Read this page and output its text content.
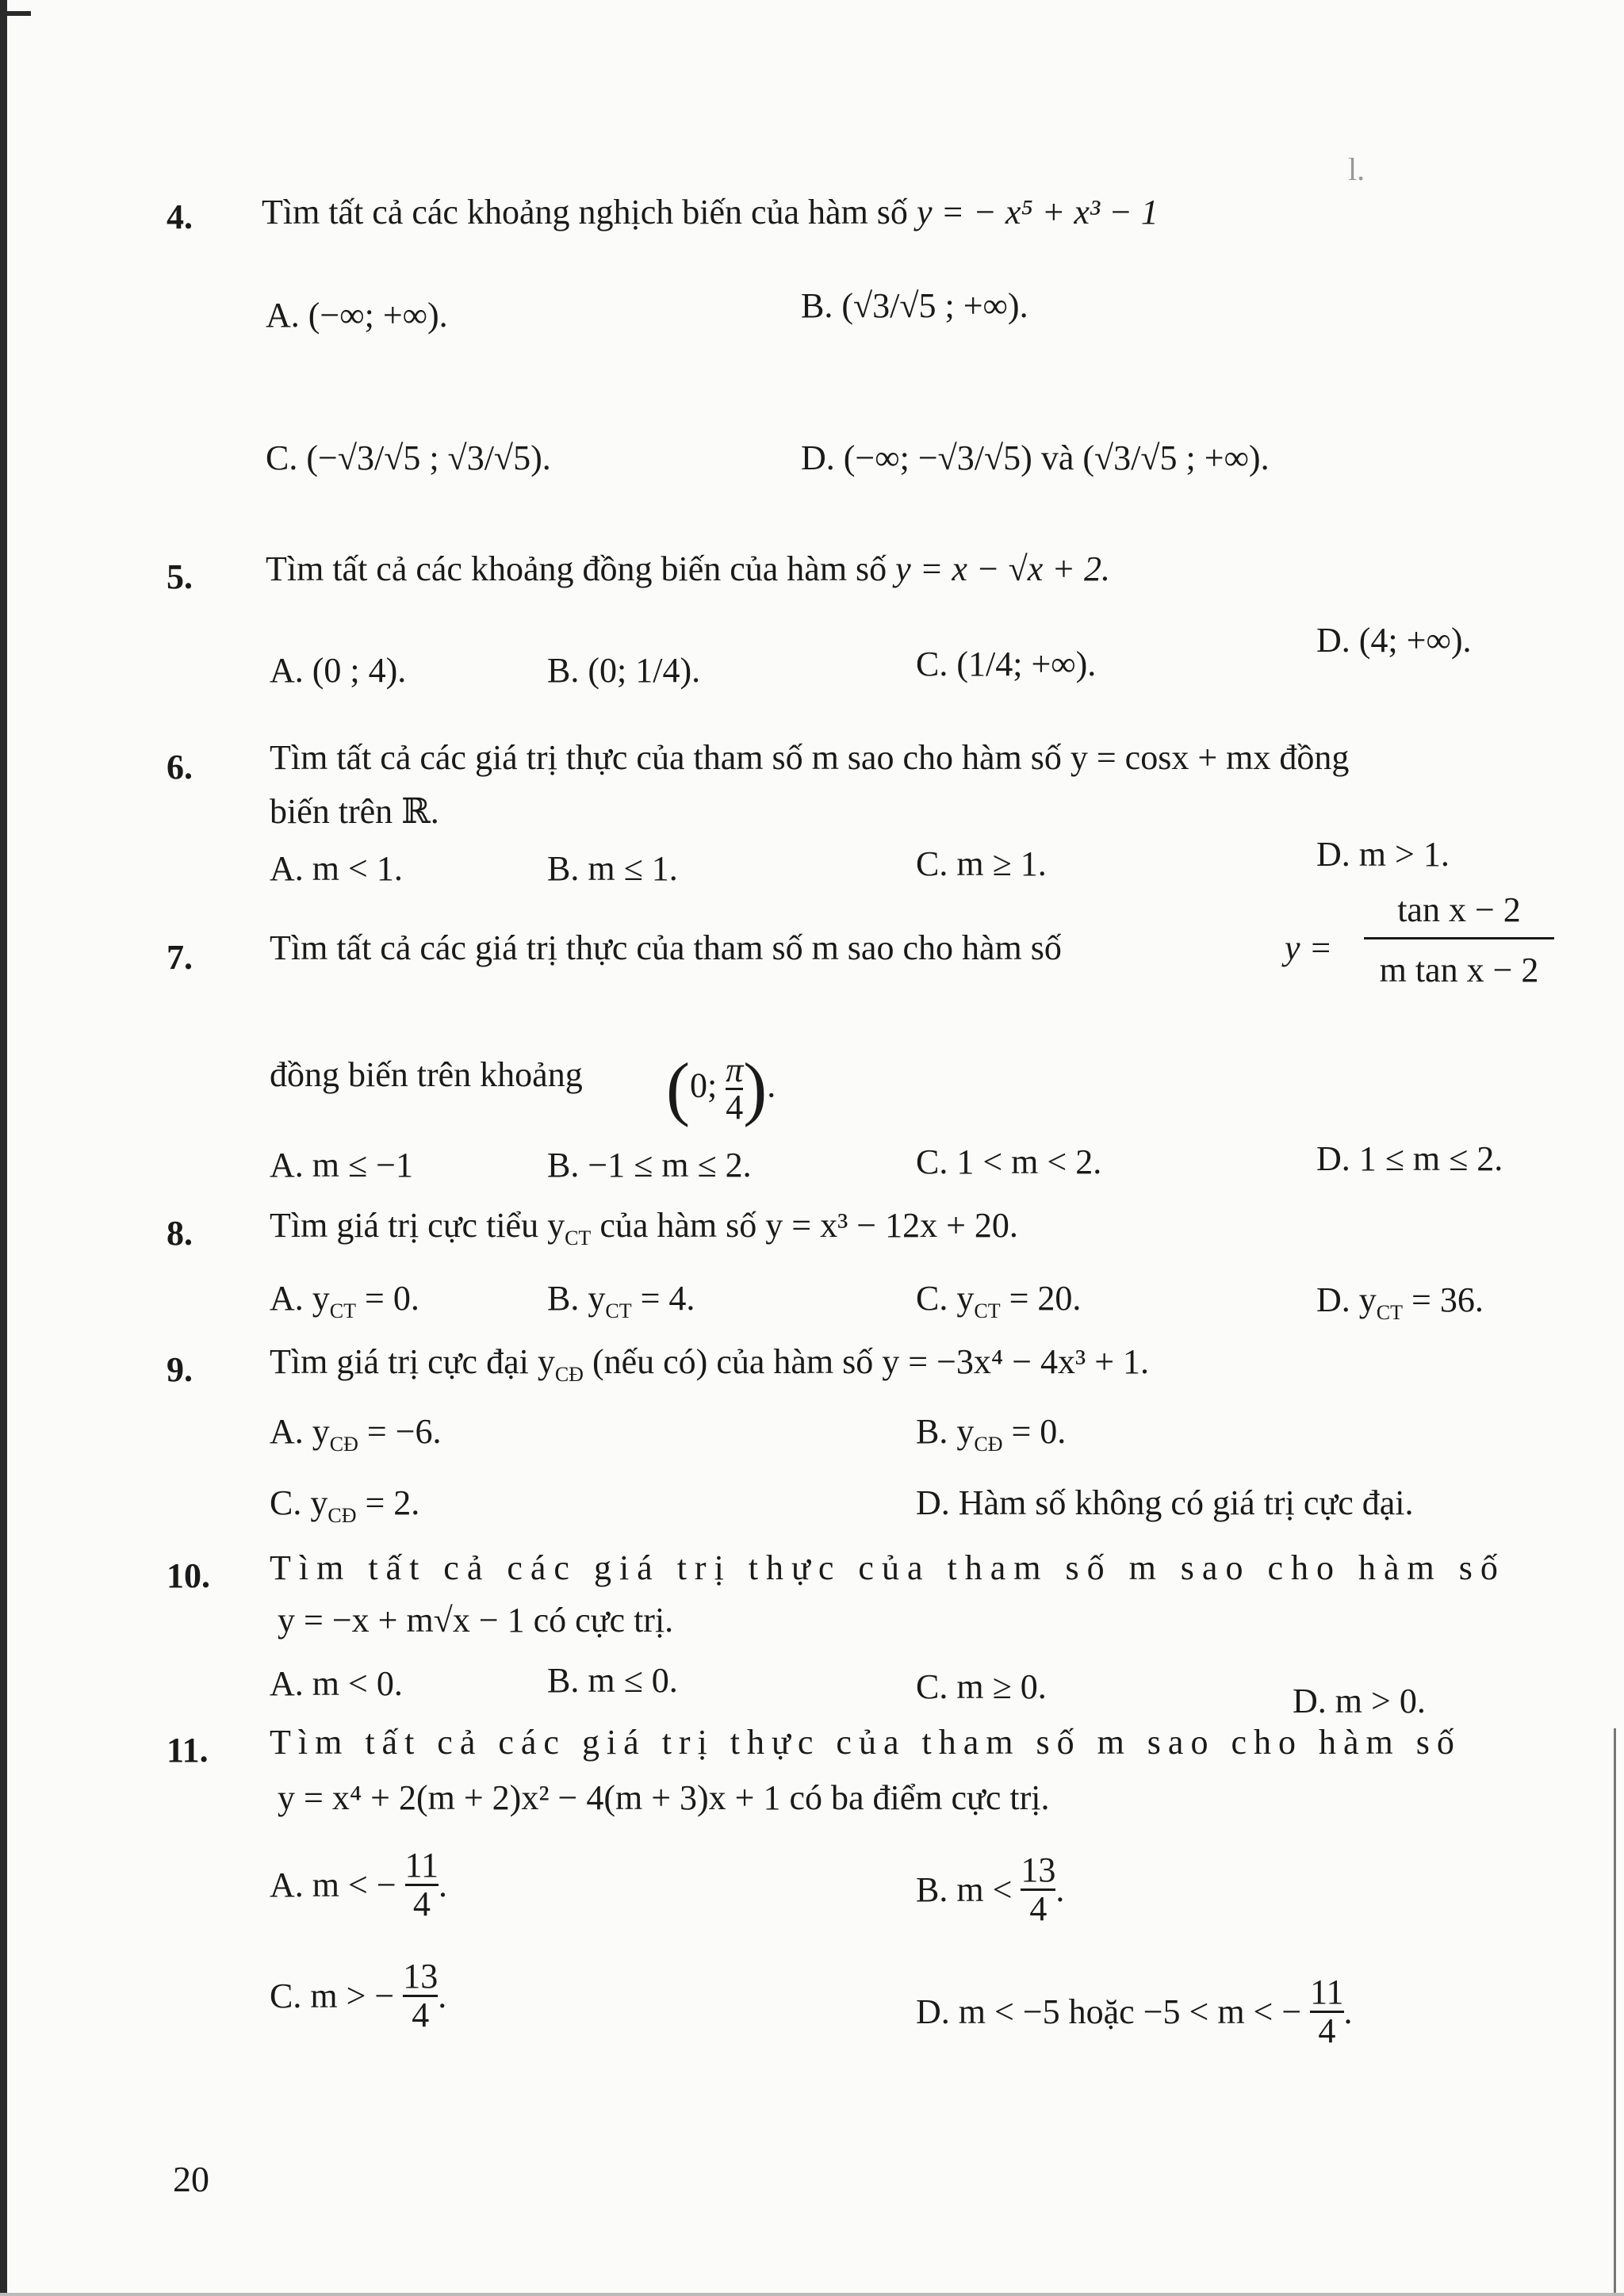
4. Tìm tất cả các khoảng nghịch biến của hàm số y = − x⁵ + x³ − 1
l.
A. (−∞; +∞).	B. (√3/√5 ; +∞).
C. (−√3/√5 ; √3/√5).	D. (−∞; −√3/√5) và (√3/√5 ; +∞).
5. Tìm tất cả các khoảng đồng biến của hàm số y = x − √x + 2.
A. (0 ; 4).	B. (0; 1/4).	C. (1/4; +∞).
D. (4; +∞).
6. Tìm tất cả các giá trị thực của tham số m sao cho hàm số y = cosx + mx đồng
biến trên ℝ.
A. m < 1.	B. m ≤ 1.	C. m ≥ 1.	D. m > 1.
7. Tìm tất cả các giá trị thực của tham số m sao cho hàm số	y =
tan x − 2
m tan x − 2
đồng biến trên khoảng (0; $\frac{\pi}{4}$ ).
A. m ≤ −1	B. −1 ≤ m ≤ 2.	C. 1 < m < 2.	D. 1 ≤ m ≤ 2.
8. Tìm giá trị cực tiểu $y_{CT}$ của hàm số y = x³ − 12x + 20.
A. $y_{CT} = 0$.	B. $y_{CT} = 4$.	C. $y_{CT} = 20$.	D. $y_{CT} = 36$.
9. Tìm giá trị cực đại $y_{CĐ}$ (nếu có) của hàm số y = −3x⁴ − 4x³ + 1.
A. $y_{CĐ} = -6$.	B. $y_{CĐ} = 0$.
C. $y_{CĐ} = 2$.	D. Hàm số không có giá trị cực đại.
10. Tìm tất cả các giá trị thực của tham số m sao cho hàm số
y = −x + m√x − 1 có cực trị.
A. m < 0.	B. m ≤ 0.	C. m ≥ 0.	D. m > 0.
11. Tìm tất cả các giá trị thực của tham số m sao cho hàm số
y = x⁴ + 2(m + 2)x² − 4(m + 3)x + 1 có ba điểm cực trị.
A. m < − $\frac{11}{4}$ .	B. $m < \frac{13}{4}$ .
C. m > − $\frac{13}{4}$ .	D. m < −5 hoặc −5 < m < − $\frac{11}{4}$ .
20
